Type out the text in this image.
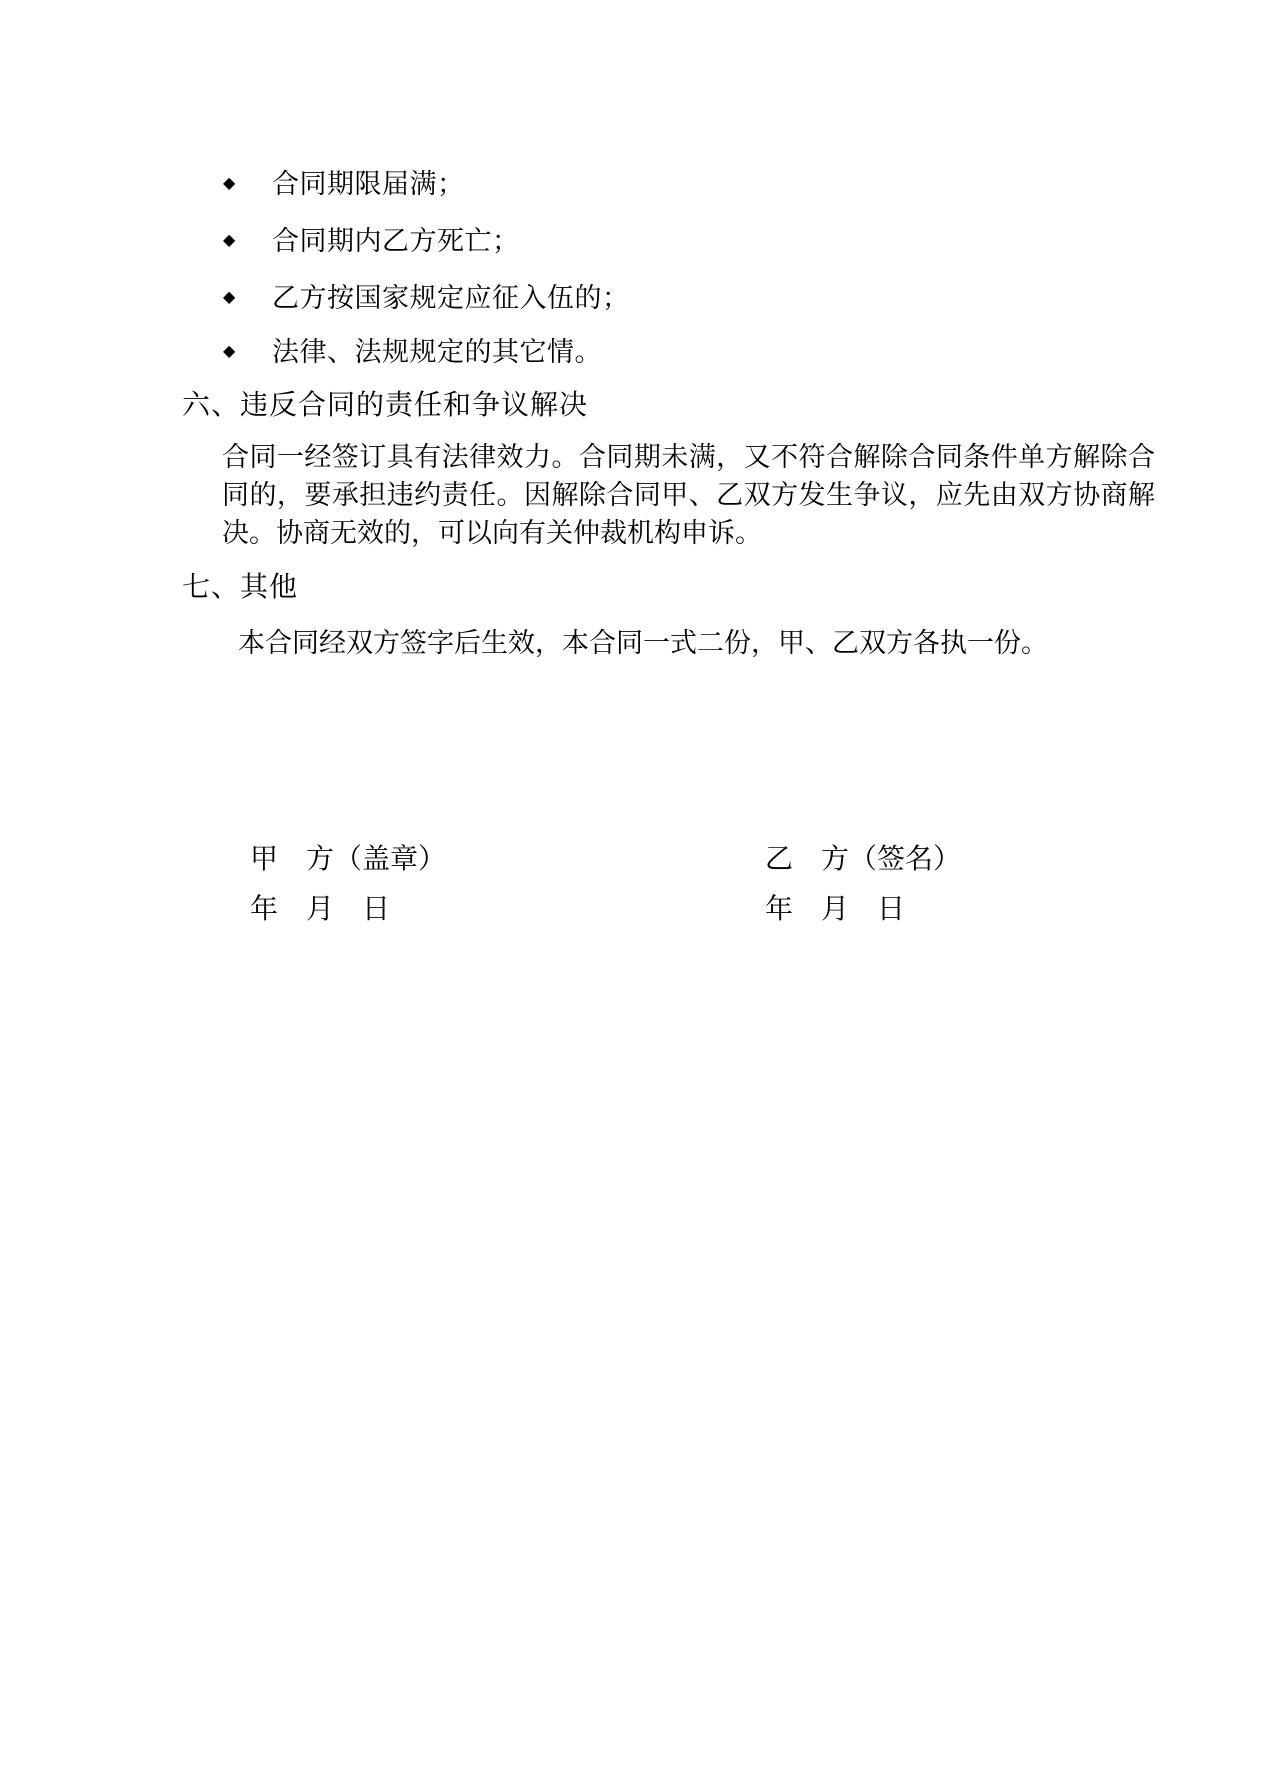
◆	合同期限届满；
◆	合同期内乙方死亡；
◆	乙方按国家规定应征入伍的；
◆	法律、法规规定的其它情。
六、违反合同的责任和争议解决

合同一经签订具有法律效力。合同期未满，又不符合解除合同条件单方解除合同的，要承担违约责任。因解除合同甲、乙双方发生争议，应先由双方协商解决。协商无效的，可以向有关仲裁机构申诉。

七、其他

本合同经双方签字后生效，本合同一式二份，甲、乙双方各执一份。

甲　方（盖章）	乙　方（签名）
年　月　日	年　月　日
